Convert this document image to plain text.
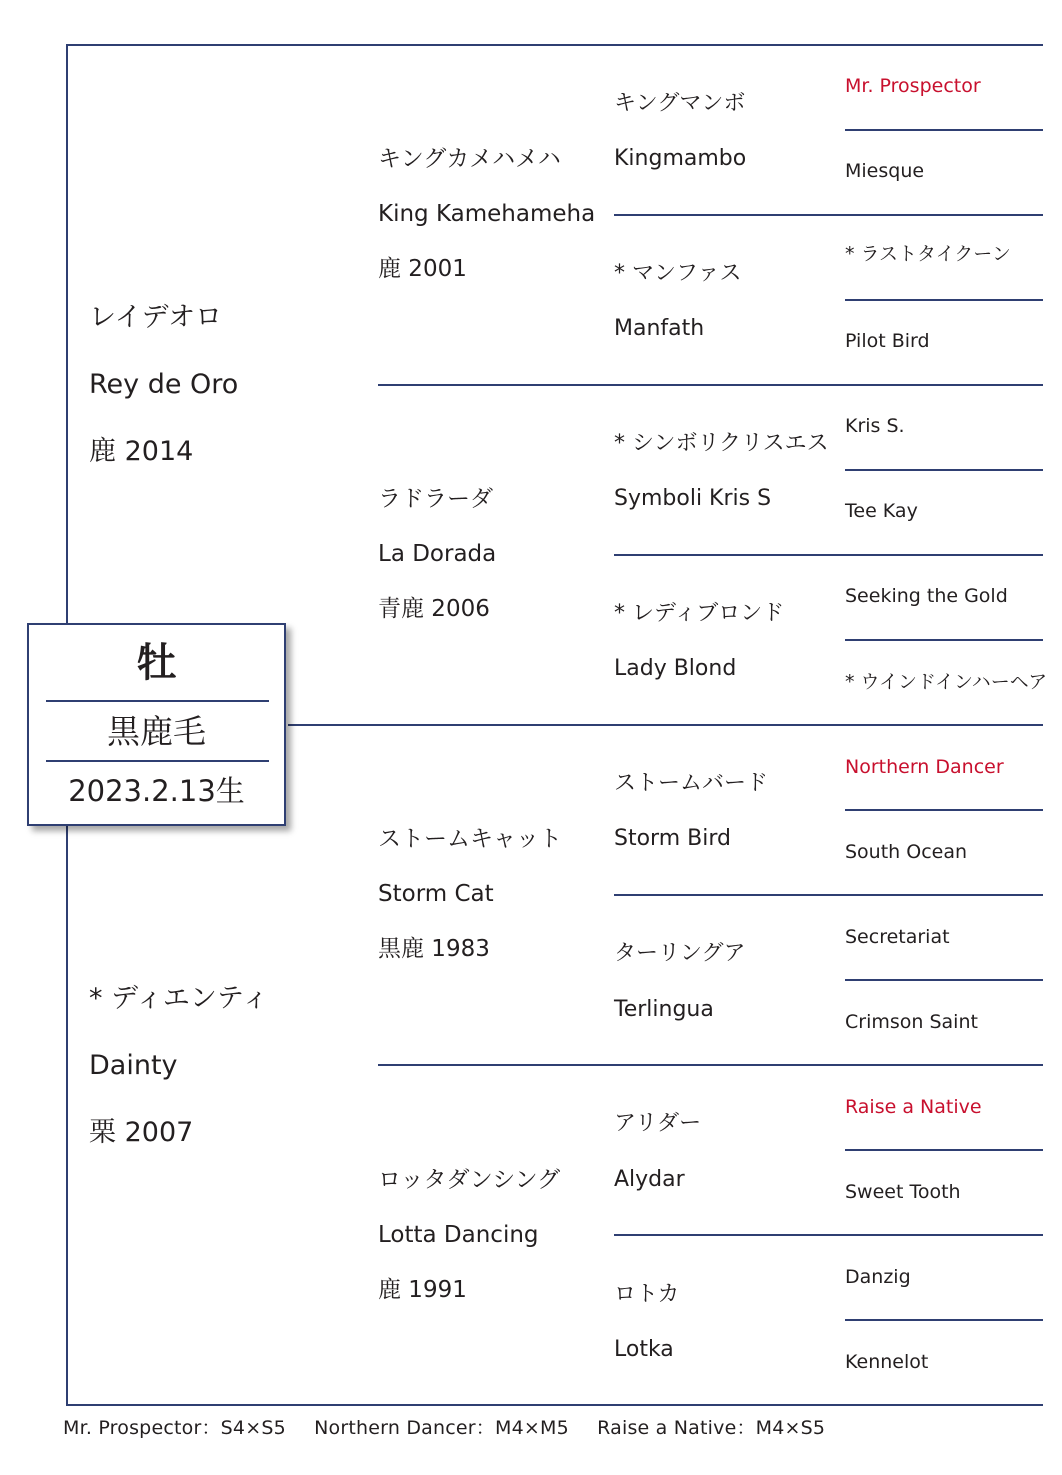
レイデオロ
Rey de Oro
鹿 2014
* ディエンティ
Dainty
栗 2007
キングカメハメハ
King Kamehameha
鹿 2001
ラドラーダ
La Dorada
青鹿 2006
ストームキャット
Storm Cat
黒鹿 1983
ロッタダンシング
Lotta Dancing
鹿 1991
キングマンボ
Kingmambo
* マンファス
Manfath
* シンボリクリスエス
Symboli Kris S
* レディブロンド
Lady Blond
ストームバード
Storm Bird
ターリングア
Terlingua
アリダー
Alydar
ロトカ
Lotka
Mr. Prospector
Miesque
* ラストタイクーン
Pilot Bird
Kris S.
Tee Kay
Seeking the Gold
* ウインドインハーヘア
Northern Dancer
South Ocean
Secretariat
Crimson Saint
Raise a Native
Sweet Tooth
Danzig
Kennelot
牡
黒鹿毛
2023.2.13生
Mr. Prospector：S4×S5 Northern Dancer：M4×M5 Raise a Native：M4×S5
